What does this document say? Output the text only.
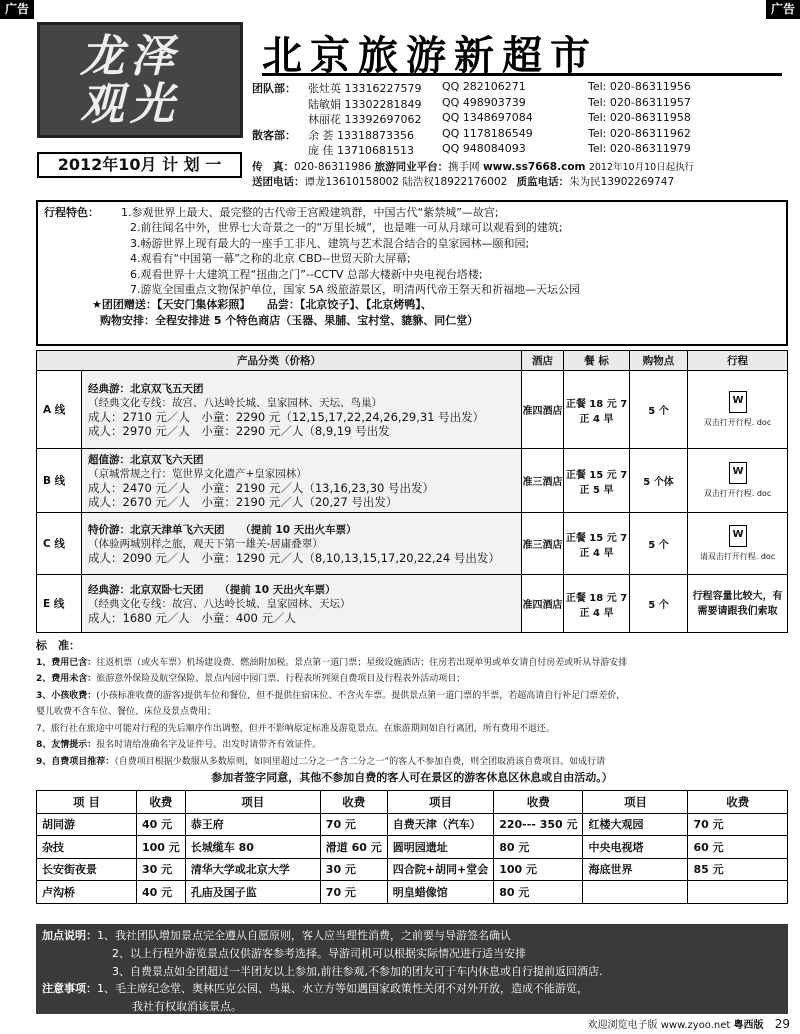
广告	广告
龙泽
观光
北京旅游新超市
团队部： 张灶英 13316227579 QQ 282106271	Tel: 020-86311956
陆敏娟 13302281849 QQ 498903739	Tel: 020-86311957
林丽花 13392697062 QQ 1348697084	Tel: 020-86311958
散客部： 余 荟 13318873356	QQ 1178186549	Tel: 020-86311962
庞 佳 13710681513	QQ 948084093	Tel: 020-86311979
2012年10月 计 划 一	传　真：020-86311986 旅游同业平台：携手网 www.ss7668.com 2012年10月10日起执行
送团电话：谭龙13610158002 陆浩权18922176002 质监电话：朱为民13902269747
行程特色： 1.参观世界上最大、最完整的古代帝王宫殿建筑群，中国古代“紫禁城”—故宫;
2.前往闻名中外，世界七大奇景之一的“万里长城”，也是唯一可从月球可以观看到的建筑;
3.畅游世界上现有最大的一座手工非凡、建筑与艺术混合结合的皇家园林—颐和园;
4.观看有“中国第一幕”之称的北京 CBD--世贸天阶大屏幕;
6.观看世界十大建筑工程“扭曲之门”--CCTV 总部大楼新中央电视台塔楼;
7.游览全国重点文物保护单位，国家 5A 级旅游景区，明清两代帝王祭天和祈福地—天坛公园
★团团赠送：【天安门集体彩照】　　品尝：【北京饺子】、【北京烤鸭】、
购物安排：全程安排进 5 个特色商店（玉器、果脯、宝村堂、貔貅、同仁堂）
产品分类（价格）		酒店	餐 标	购物点	行程
A 线	经典游：北京双飞五天团
（经典文化专线：故宫、八达岭长城、皇家园林、天坛、鸟巢）
成人：2710 元／人　小童：2290 元（12,15,17,22,24,26,29,31 号出发）
成人：2970 元／人　小童：2290 元／人（8,9,19 号出发	准四酒店	正餐 18 元 7正 4 早	5 个	W
双击打开行程. doc

B 线	超值游：北京双飞六天团
（京城常规之行：览世界文化遗产+皇家园林）
成人：2470 元／人　小童：2190 元／人（13,16,23,30 号出发）
成人：2670 元／人　小童：2190 元／人（20,27 号出发）	准三酒店	正餐 15 元 7正 5 早	5 个体	W
双击打开行程. doc

C 线	特价游：北京天津单飞六天团　　（提前 10 天出火车票）
（体验两城别样之旅，观天下第一雄关-居庸叠翠）
成人：2090 元／人　小童：1290 元／人（8,10,13,15,17,20,22,24 号出发）	准三酒店	正餐 15 元 7正 4 早	5 个	W
请双击打开行程. doc

E 线	经典游：北京双卧七天团　　（提前 10 天出火车票）
（经典文化专线：故宫、八达岭长城、皇家园林、天坛）
成人：1680 元／人　小童：400 元／人	准四酒店	正餐 18 元 7正 4 早	5 个	行程容量比较大，有需要请跟我们索取
标　准：
1、费用已含：往返机票（或火车票）机场建设费、燃油附加税。景点第一道门票；星级设施酒店；住房若出现单男或单女请自付房差或听从导游安排
2、费用未含：旅游意外保险及航空保险、景点内园中园门票、行程表所列须自费项目及行程表外活动项目；
3、小孩收费：(小孩标准收费的游客)提供车位和餐位，但不提供住宿床位、不含火车票。提供景点第一道门票的半票，若超高请自行补足门票差价，
婴儿收费不含车位、餐位、床位及景点费用；
7、旅行社在旅途中可能对行程的先后顺序作出调整，但并不影响原定标准及游览景点。在旅游期间如自行离团，所有费用不退还。
8、友情提示：报名时请给准确名字及证件号。出发时请带齐有效证件。
9、自费项目推荐：（自费项目根据少数服从多数原则，如同里超过二分之一“含二分之一”的客人不参加自费，则全团取消该自费项目。如成行请
参加者签字同意，其他不参加自费的客人可在景区的游客休息区休息或自由活动。）
项 目	收费	项目	收费	项目	收费	项目	收费
胡同游	40 元	恭王府	70 元	自费天津（汽车）	220--- 350 元	红楼大观园	70 元
杂技	100 元	长城缆车 80	滑道 60 元	圆明园遗址	80 元	中央电视塔	60 元
长安街夜景	30 元	清华大学或北京大学	30 元	四合院+胡同+堂会	100 元	海底世界	85 元
卢沟桥	40 元	孔庙及国子监	70 元	明皇蜡像馆	80 元		
加点说明：1、我社团队增加景点完全遵从自愿原则，客人应当理性消费，之前要与导游签名确认
2、以上行程外游览景点仅供游客参考选择。导游司机可以根据实际情况进行适当安排
3、自费景点如全团超过一半团友以上参加,前往参观,不参加的团友可于车内休息或自行提前返回酒店.
注意事项：1、毛主席纪念堂、奥林匹克公园、鸟巢、水立方等如遇国家政策性关闭不对外开放，造成不能游览，
我社有权取消该景点。
欢迎浏览电子版 www.zyoo.net 粤西版 29
